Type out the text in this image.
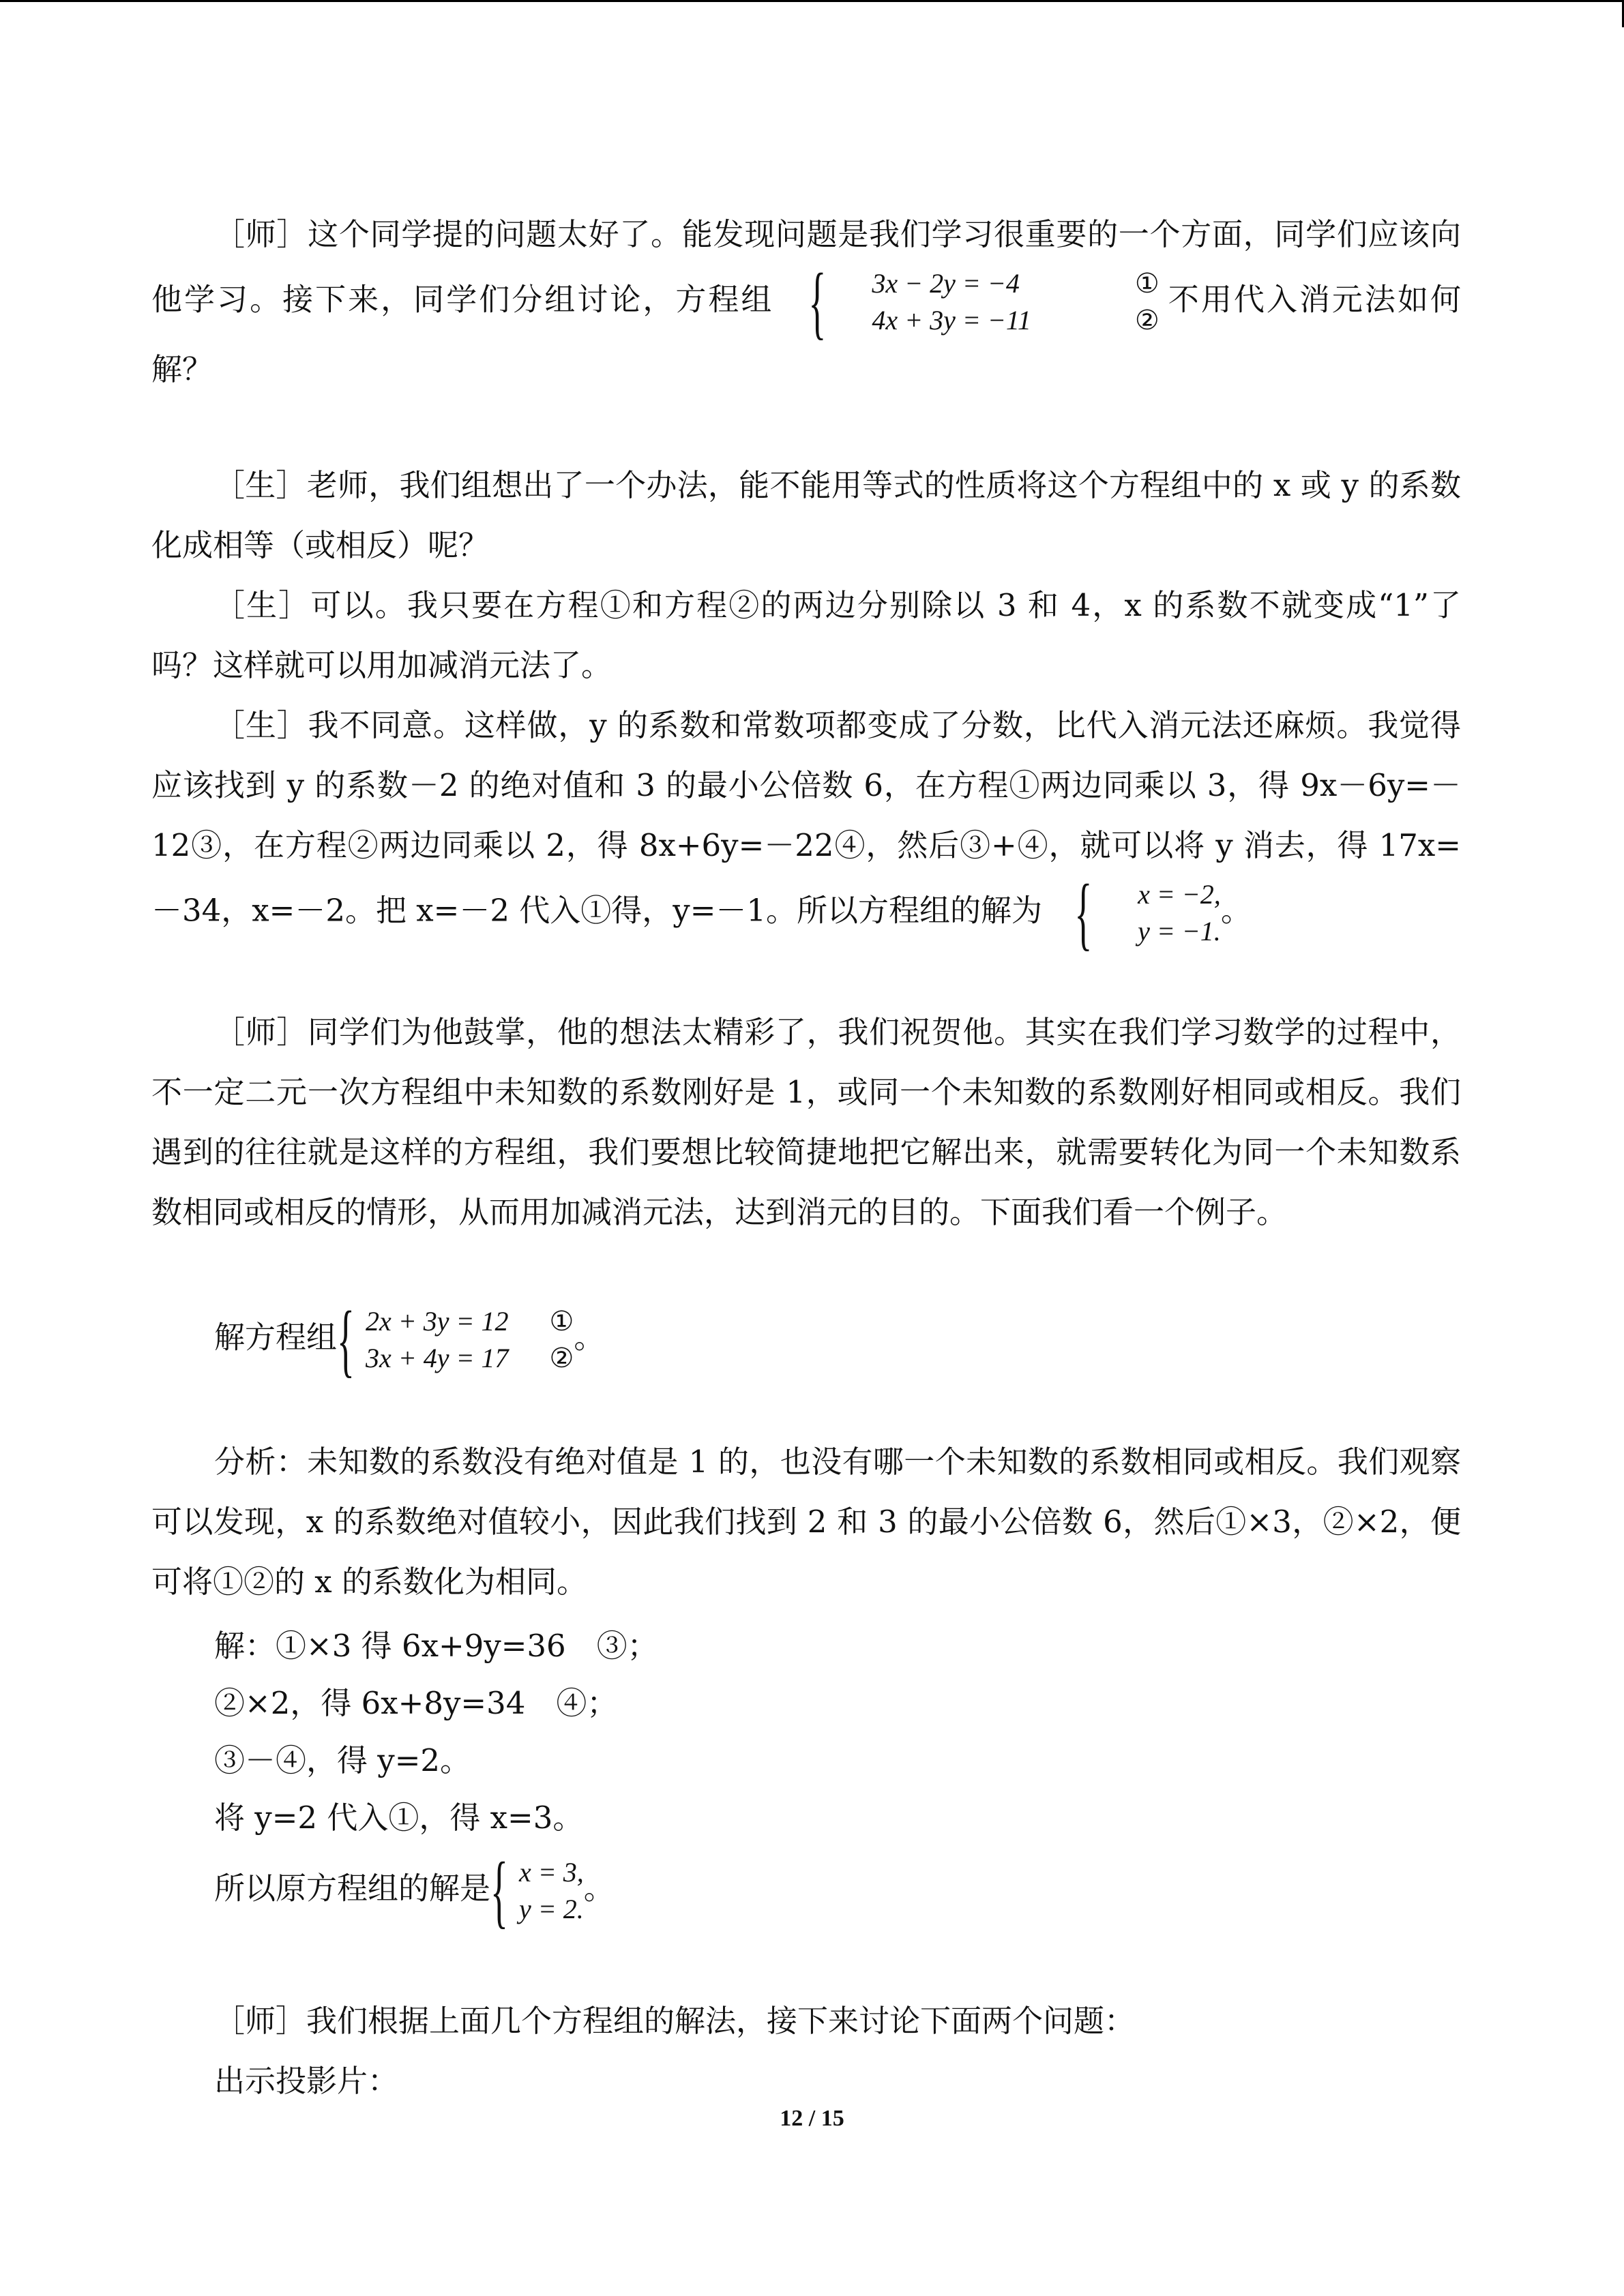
［师］这个同学提的问题太好了。能发现问题是我们学习很重要的一个方面，同学们应该向他学习。接下来，同学们分组讨论，方程组 {	3x − 2y = −4
4x + 3y = −11
①
②
不用代入消元法如何解？

［生］老师，我们组想出了一个办法，能不能用等式的性质将这个方程组中的 x 或 y 的系数化成相等（或相反）呢？

［生］可以。我只要在方程①和方程②的两边分别除以 3 和 4，x 的系数不就变成“1”了吗？这样就可以用加减消元法了。

［生］我不同意。这样做，y 的系数和常数项都变成了分数，比代入消元法还麻烦。我觉得应该找到 y 的系数－2 的绝对值和 3 的最小公倍数 6，在方程①两边同乘以 3，得 9x－6y=－12③，在方程②两边同乘以 2，得 8x+6y=－22④，然后③+④，就可以将 y 消去，得 17x=－34，x=－2。把 x=－2 代入①得，y=－1。所以方程组的解为 {	x = −2,
y = −1.
。

［师］同学们为他鼓掌，他的想法太精彩了，我们祝贺他。其实在我们学习数学的过程中，不一定二元一次方程组中未知数的系数刚好是 1，或同一个未知数的系数刚好相同或相反。我们遇到的往往就是这样的方程组，我们要想比较简捷地把它解出来，就需要转化为同一个未知数系数相同或相反的情形，从而用加减消元法，达到消元的目的。下面我们看一个例子。

解方程组 { 2x + 3y = 12
3x + 4y = 17
①
②
。

分析：未知数的系数没有绝对值是 1 的，也没有哪一个未知数的系数相同或相反。我们观察可以发现，x 的系数绝对值较小，因此我们找到 2 和 3 的最小公倍数 6，然后①×3，②×2，便可将①②的 x 的系数化为相同。

解：①×3 得 6x+9y=36　③；
②×2，得 6x+8y=34　④；
③－④，得 y=2。
将 y=2 代入①，得 x=3。
所以原方程组的解是 { x = 3,
y = 2.
。

［师］我们根据上面几个方程组的解法，接下来讨论下面两个问题：

出示投影片：

12 / 15
